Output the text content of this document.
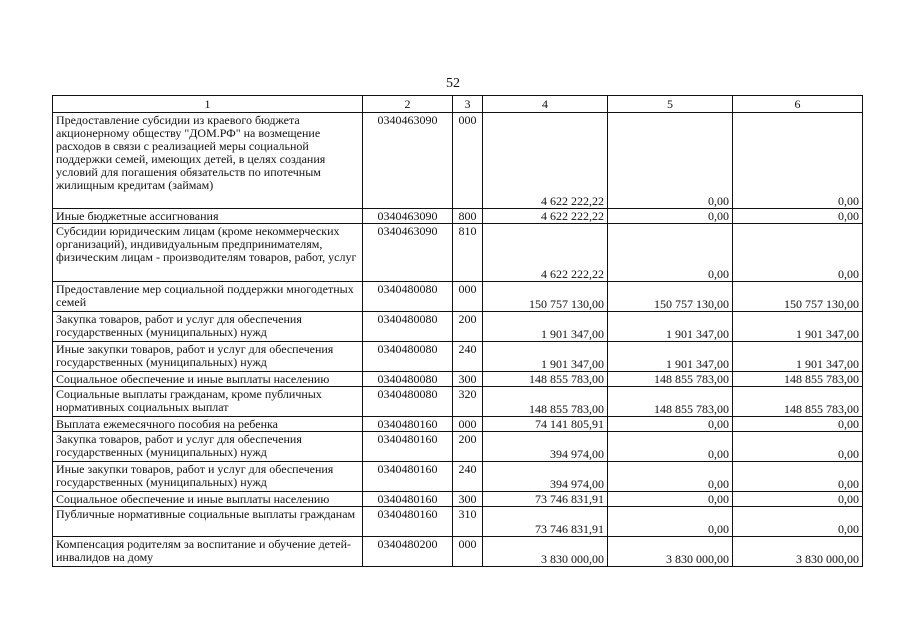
52
1	2	3	4	5	6
Предоставление субсидии из краевого бюджета акционерному обществу "ДОМ.РФ" на возмещение расходов в связи с реализацией меры социальной поддержки семей, имеющих детей, в целях создания условий для погашения обязательств по ипотечным жилищным кредитам (займам)	0340463090	000	4 622 222,22	0,00	0,00
Иные бюджетные ассигнования	0340463090	800	4 622 222,22	0,00	0,00
Субсидии юридическим лицам (кроме некоммерческих организаций), индивидуальным предпринимателям, физическим лицам - производителям товаров, работ, услуг	0340463090	810	4 622 222,22	0,00	0,00
Предоставление мер социальной поддержки многодетных семей	0340480080	000	150 757 130,00	150 757 130,00	150 757 130,00
Закупка товаров, работ и услуг для обеспечения государственных (муниципальных) нужд	0340480080	200	1 901 347,00	1 901 347,00	1 901 347,00
Иные закупки товаров, работ и услуг для обеспечения государственных (муниципальных) нужд	0340480080	240	1 901 347,00	1 901 347,00	1 901 347,00
Социальное обеспечение и иные выплаты населению	0340480080	300	148 855 783,00	148 855 783,00	148 855 783,00
Социальные выплаты гражданам, кроме публичных нормативных социальных выплат	0340480080	320	148 855 783,00	148 855 783,00	148 855 783,00
Выплата ежемесячного пособия на ребенка	0340480160	000	74 141 805,91	0,00	0,00
Закупка товаров, работ и услуг для обеспечения государственных (муниципальных) нужд	0340480160	200	394 974,00	0,00	0,00
Иные закупки товаров, работ и услуг для обеспечения государственных (муниципальных) нужд	0340480160	240	394 974,00	0,00	0,00
Социальное обеспечение и иные выплаты населению	0340480160	300	73 746 831,91	0,00	0,00
Публичные нормативные социальные выплаты гражданам	0340480160	310	73 746 831,91	0,00	0,00
Компенсация родителям за воспитание и обучение детей-инвалидов на дому	0340480200	000	3 830 000,00	3 830 000,00	3 830 000,00
